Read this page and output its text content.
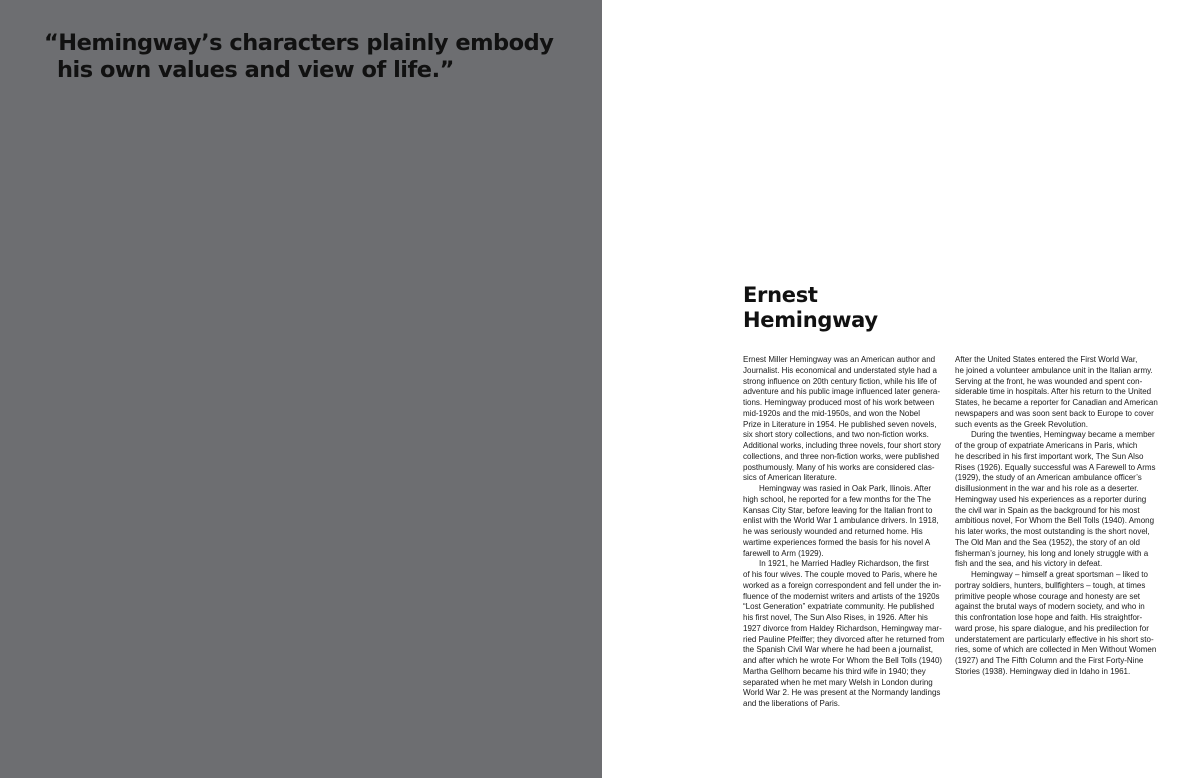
“Hemingway’s characters plainly embody
his own values and view of life.”

Ernest
Hemingway
Ernest Miller Hemingway was an American author and
Journalist. His economical and understated style had a
strong influence on 20th century fiction, while his life of
adventure and his public image influenced later genera-
tions. Hemingway produced most of his work between
mid-1920s and the mid-1950s, and won the Nobel
Prize in Literature in 1954. He published seven novels,
six short story collections, and two non-fiction works.
Additional works, including three novels, four short story
collections, and three non-fiction works, were published
posthumously. Many of his works are considered clas-
sics of American literature.
Hemingway was rasied in Oak Park, Ilinois. After
high school, he reported for a few months for the The
Kansas City Star, before leaving for the Italian front to
enlist with the World War 1 ambulance drivers. In 1918,
he was seriously wounded and returned home. His
wartime experiences formed the basis for his novel A
farewell to Arm (1929).
In 1921, he Married Hadley Richardson, the first
of his four wives. The couple moved to Paris, where he
worked as a foreign correspondent and fell under the in-
fluence of the modernist writers and artists of the 1920s
“Lost Generation” expatriate community. He published
his first novel, The Sun Also Rises, in 1926. After his
1927 divorce from Haldey Richardson, Hemingway mar-
ried Pauline Pfeiffer; they divorced after he returned from
the Spanish Civil War where he had been a journalist,
and after which he wrote For Whom the Bell Tolls (1940)
Martha Gellhorn became his third wife in 1940; they
separated when he met mary Welsh in London during
World War 2. He was present at the Normandy landings
and the liberations of Paris.
After the United States entered the First World War,
he joined a volunteer ambulance unit in the Italian army.
Serving at the front, he was wounded and spent con-
siderable time in hospitals. After his return to the United
States, he became a reporter for Canadian and American
newspapers and was soon sent back to Europe to cover
such events as the Greek Revolution.
During the twenties, Hemingway became a member
of the group of expatriate Americans in Paris, which
he described in his first important work, The Sun Also
Rises (1926). Equally successful was A Farewell to Arms
(1929), the study of an American ambulance officer’s
disillusionment in the war and his role as a deserter.
Hemingway used his experiences as a reporter during
the civil war in Spain as the background for his most
ambitious novel, For Whom the Bell Tolls (1940). Among
his later works, the most outstanding is the short novel,
The Old Man and the Sea (1952), the story of an old
fisherman’s journey, his long and lonely struggle with a
fish and the sea, and his victory in defeat.
Hemingway – himself a great sportsman – liked to
portray soldiers, hunters, bullfighters – tough, at times
primitive people whose courage and honesty are set
against the brutal ways of modern society, and who in
this confrontation lose hope and faith. His straightfor-
ward prose, his spare dialogue, and his predilection for
understatement are particularly effective in his short sto-
ries, some of which are collected in Men Without Women
(1927) and The Fifth Column and the First Forty-Nine
Stories (1938). Hemingway died in Idaho in 1961.
